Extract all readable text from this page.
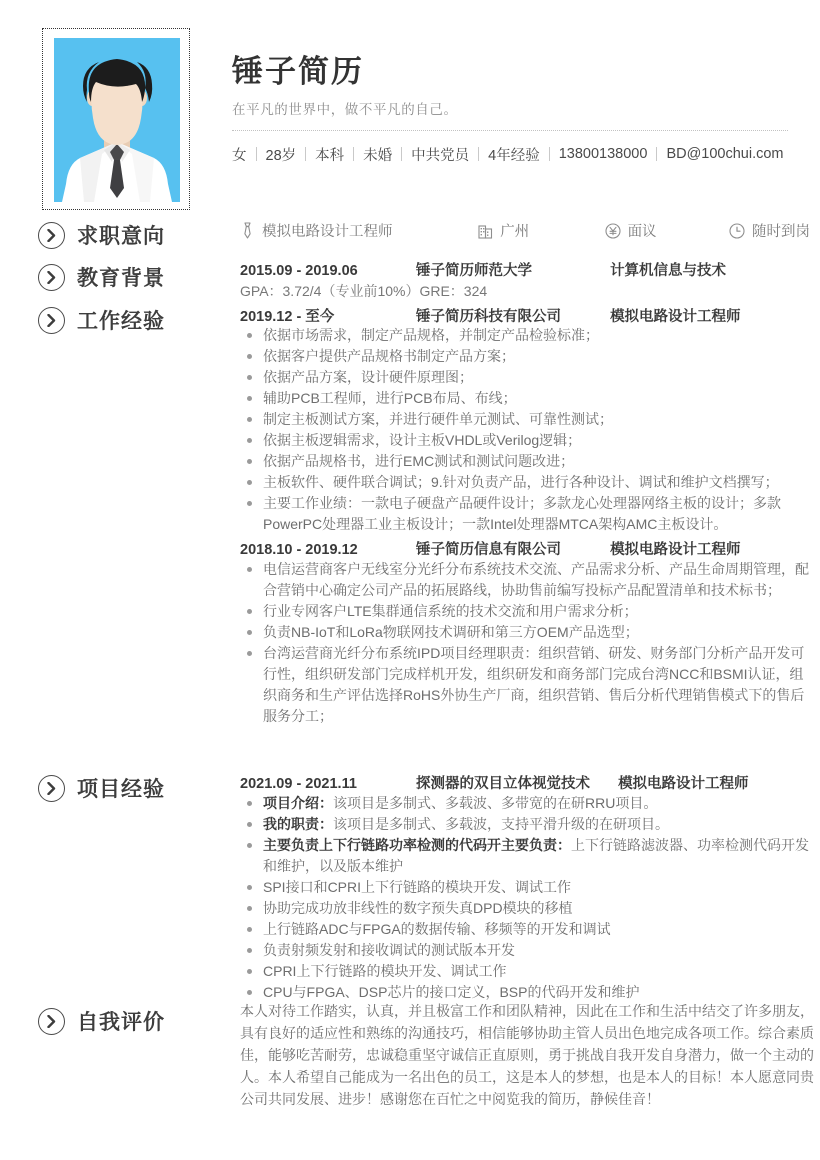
求职意向
教育背景
工作经验
项目经验
自我评价
锤子简历
在平凡的世界中，做不平凡的自己。
女 28岁 本科 未婚 中共党员 4年经验 13800138000 BD@100chui.com
模拟电路设计工程师	广州	面议	随时到岗
2015.09 - 2019.06	锤子简历师范大学	计算机信息与技术
GPA：3.72/4（专业前10%）GRE：324
2019.12 - 至今	锤子简历科技有限公司	模拟电路设计工程师
依据市场需求，制定产品规格，并制定产品检验标准；
依据客户提供产品规格书制定产品方案；
依据产品方案，设计硬件原理图；
辅助PCB工程师，进行PCB布局、布线；
制定主板测试方案，并进行硬件单元测试、可靠性测试；
依据主板逻辑需求，设计主板VHDL或Verilog逻辑；
依据产品规格书，进行EMC测试和测试问题改进；
主板软件、硬件联合调试；9.针对负责产品，进行各种设计、调试和维护文档撰写；
主要工作业绩：一款电子硬盘产品硬件设计；多款龙心处理器网络主板的设计；多款PowerPC处理器工业主板设计；一款Intel处理器MTCA架构AMC主板设计。
2018.10 - 2019.12	锤子简历信息有限公司	模拟电路设计工程师
电信运营商客户无线室分光纤分布系统技术交流、产品需求分析、产品生命周期管理，配合营销中心确定公司产品的拓展路线，协助售前编写投标产品配置清单和技术标书；
行业专网客户LTE集群通信系统的技术交流和用户需求分析；
负责NB-IoT和LoRa物联网技术调研和第三方OEM产品选型；
台湾运营商光纤分布系统IPD项目经理职责：组织营销、研发、财务部门分析产品开发可行性，组织研发部门完成样机开发，组织研发和商务部门完成台湾NCC和BSMI认证，组织商务和生产评估选择RoHS外协生产厂商，组织营销、售后分析代理销售模式下的售后服务分工；
2021.09 - 2021.11	探测器的双目立体视觉技术 模拟电路设计工程师
项目介绍：该项目是多制式、多载波、多带宽的在研RRU项目。
我的职责：该项目是多制式、多载波，支持平滑升级的在研项目。
主要负责上下行链路功率检测的代码开主要负责：上下行链路滤波器、功率检测代码开发和维护，以及版本维护
SPI接口和CPRI上下行链路的模块开发、调试工作
协助完成功放非线性的数字预失真DPD模块的移植
上行链路ADC与FPGA的数据传输、移频等的开发和调试
负责射频发射和接收调试的测试版本开发
CPRI上下行链路的模块开发、调试工作
CPU与FPGA、DSP芯片的接口定义，BSP的代码开发和维护
本人对待工作踏实，认真，并且极富工作和团队精神，因此在工作和生活中结交了许多朋友，具有良好的适应性和熟练的沟通技巧，相信能够协助主管人员出色地完成各项工作。综合素质佳，能够吃苦耐劳，忠诚稳重坚守诚信正直原则，勇于挑战自我开发自身潜力，做一个主动的人。本人希望自己能成为一名出色的员工，这是本人的梦想，也是本人的目标！本人愿意同贵公司共同发展、进步！感谢您在百忙之中阅览我的简历，静候佳音！
